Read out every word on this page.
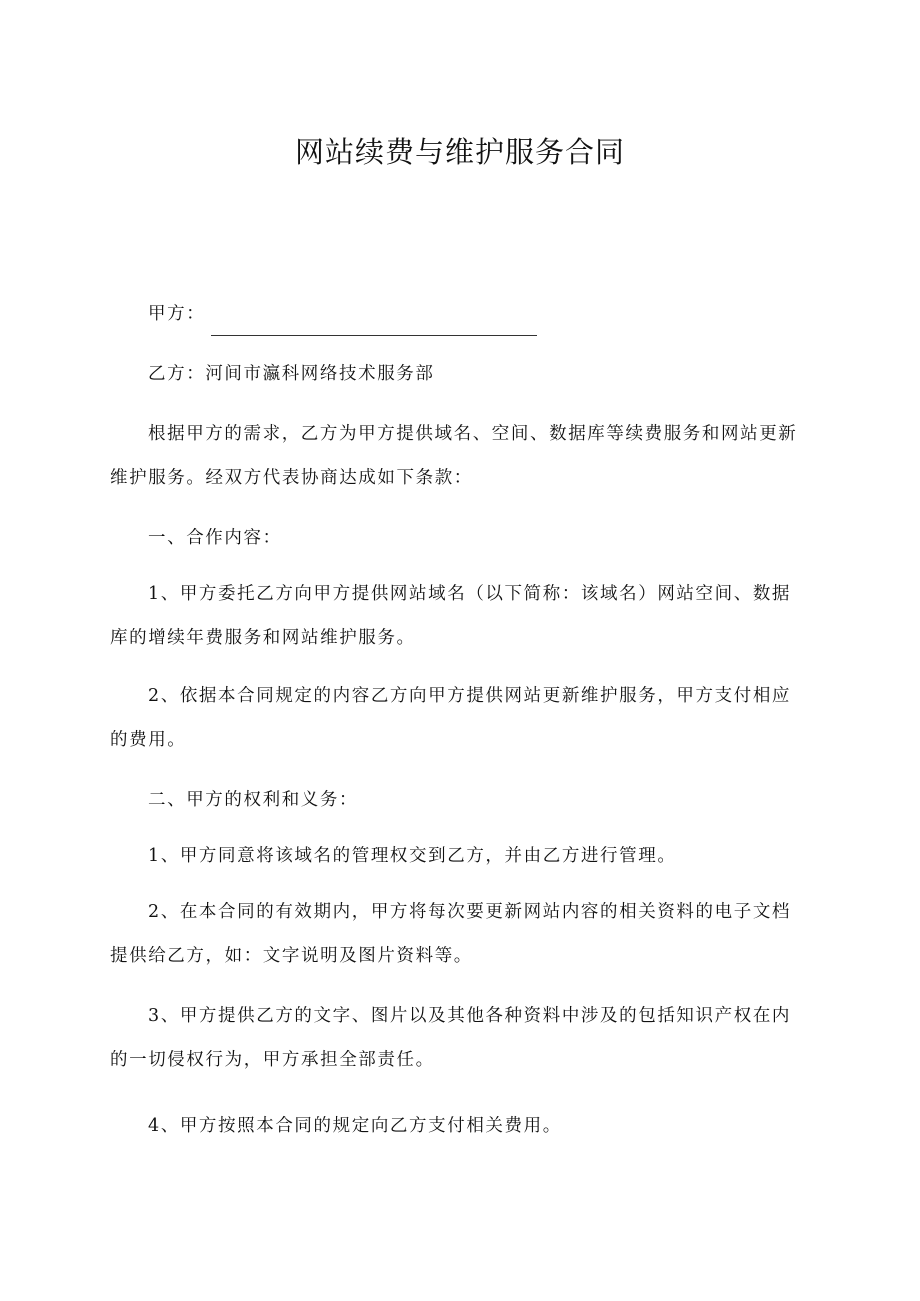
网站续费与维护服务合同

甲方：

乙方：河间市瀛科网络技术服务部

根据甲方的需求，乙方为甲方提供域名、空间、数据库等续费服务和网站更新维护服务。经双方代表协商达成如下条款：

一、合作内容：

1、甲方委托乙方向甲方提供网站域名（以下简称：该域名）网站空间、数据库的增续年费服务和网站维护服务。

2、依据本合同规定的内容乙方向甲方提供网站更新维护服务，甲方支付相应的费用。

二、甲方的权利和义务：

1、甲方同意将该域名的管理权交到乙方，并由乙方进行管理。

2、在本合同的有效期内，甲方将每次要更新网站内容的相关资料的电子文档提供给乙方，如：文字说明及图片资料等。

3、甲方提供乙方的文字、图片以及其他各种资料中涉及的包括知识产权在内的一切侵权行为，甲方承担全部责任。

4、甲方按照本合同的规定向乙方支付相关费用。
